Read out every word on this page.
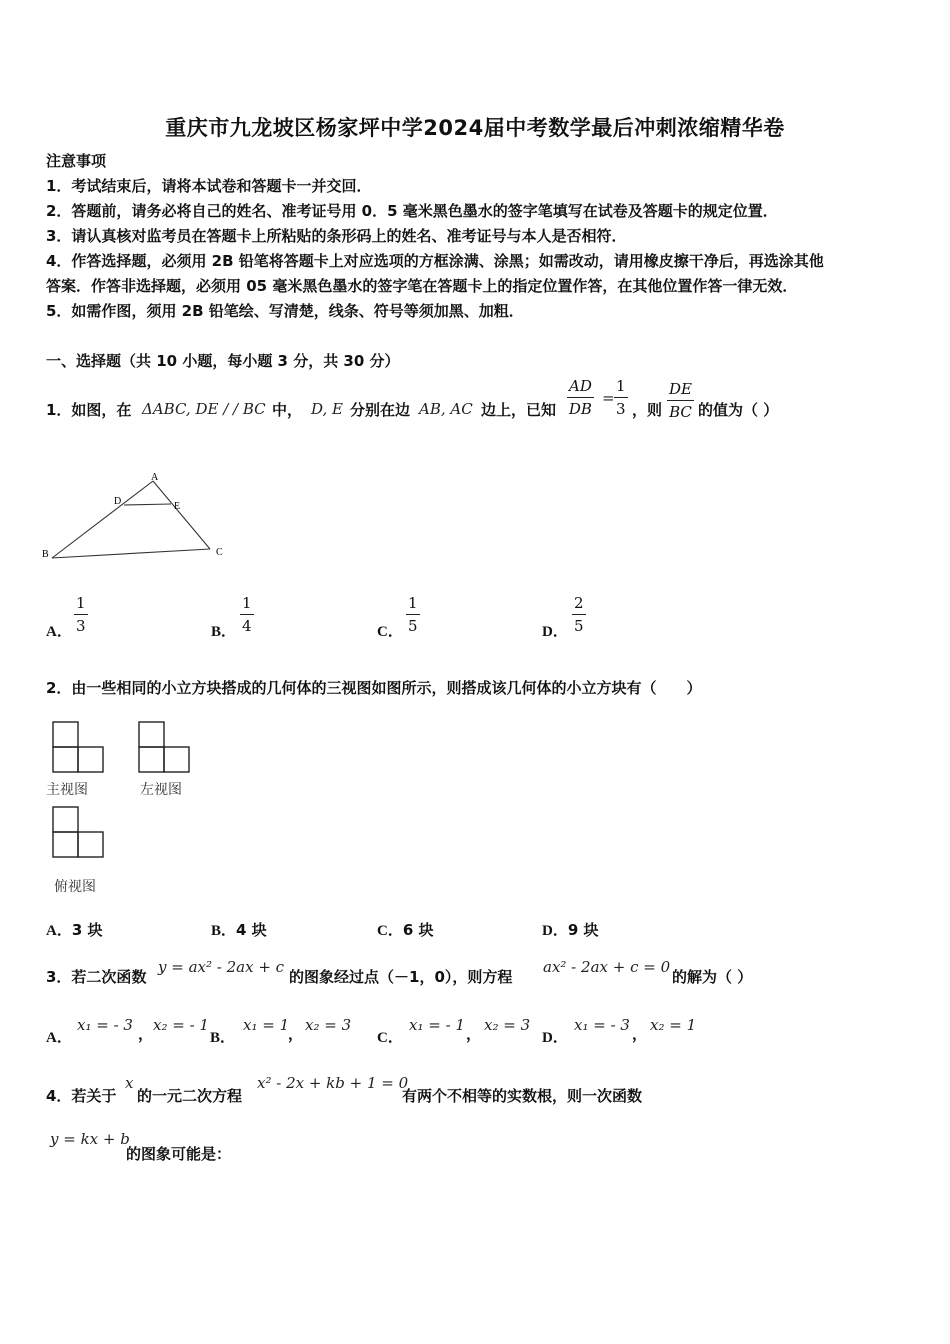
重庆市九龙坡区杨家坪中学2024届中考数学最后冲刺浓缩精华卷
注意事项
1．考试结束后，请将本试卷和答题卡一并交回．
2．答题前，请务必将自己的姓名、准考证号用 0．5 毫米黑色墨水的签字笔填写在试卷及答题卡的规定位置．
3．请认真核对监考员在答题卡上所粘贴的条形码上的姓名、准考证号与本人是否相符．
4．作答选择题，必须用 2B 铅笔将答题卡上对应选项的方框涂满、涂黑；如需改动，请用橡皮擦干净后，再选涂其他
答案．作答非选择题，必须用 05 毫米黑色墨水的签字笔在答题卡上的指定位置作答，在其他位置作答一律无效．
5．如需作图，须用 2B 铅笔绘、写清楚，线条、符号等须加黑、加粗．
一、选择题（共 10 小题，每小题 3 分，共 30 分）
1．如图，在 ΔABC, DE / / BC 中， D, E 分别在边 AB, AC 边上，已知 $\frac{AD}{DB} = \frac{1}{3}$ ，则 $\frac{DE}{BC}$ 的值为（ ）
A
B	C
D	E
A． $\frac{1}{3}$	B． $\frac{1}{4}$	C． $\frac{1}{5}$	D． $\frac{2}{5}$
2．由一些相同的小立方块搭成的几何体的三视图如图所示，则搭成该几何体的小立方块有（　　）
主视图	左视图
俯视图
A．3 块	B．4 块	C．6 块	D．9 块
3．若二次函数
y = ax² - 2ax + c
的图象经过点（－1，0），则方程
ax² - 2ax + c = 0
的解为（ ）
A．
x₁ = - 3 ， x₂ = - 1
B．
x₁ = 1
， x₂ = 3
C．
x₁ = - 1 ， x₂ = 3
D．
x₁ = - 3 ， x₂ = 1
4．若关于
x
的一元二次方程
x² - 2x + kb + 1 = 0
有两个不相等的实数根，则一次函数
y = kx + b
的图象可能是：
